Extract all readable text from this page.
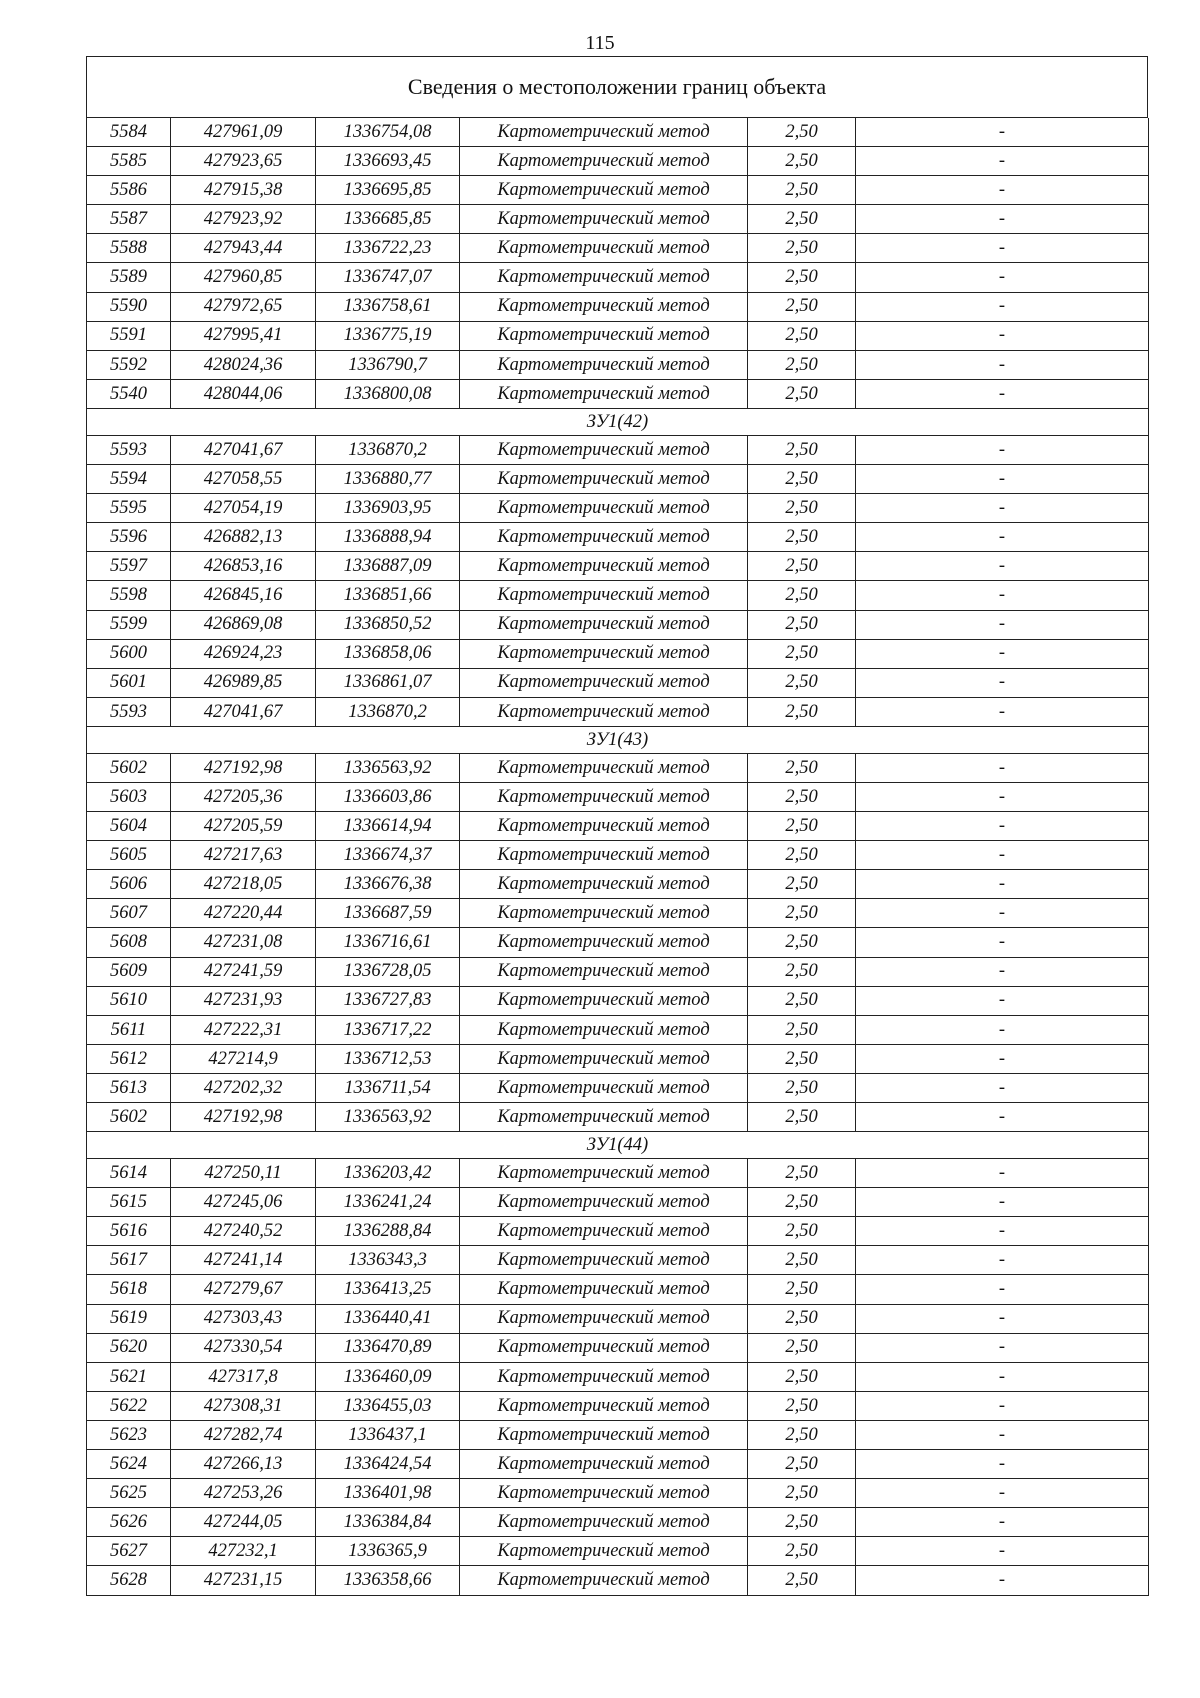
115
Сведения о местоположении границ объекта
5584	427961,09	1336754,08	Картометрический метод	2,50	-
5585	427923,65	1336693,45	Картометрический метод	2,50	-
5586	427915,38	1336695,85	Картометрический метод	2,50	-
5587	427923,92	1336685,85	Картометрический метод	2,50	-
5588	427943,44	1336722,23	Картометрический метод	2,50	-
5589	427960,85	1336747,07	Картометрический метод	2,50	-
5590	427972,65	1336758,61	Картометрический метод	2,50	-
5591	427995,41	1336775,19	Картометрический метод	2,50	-
5592	428024,36	1336790,7	Картометрический метод	2,50	-
5540	428044,06	1336800,08	Картометрический метод	2,50	-
ЗУ1(42)					
5593	427041,67	1336870,2	Картометрический метод	2,50	-
5594	427058,55	1336880,77	Картометрический метод	2,50	-
5595	427054,19	1336903,95	Картометрический метод	2,50	-
5596	426882,13	1336888,94	Картометрический метод	2,50	-
5597	426853,16	1336887,09	Картометрический метод	2,50	-
5598	426845,16	1336851,66	Картометрический метод	2,50	-
5599	426869,08	1336850,52	Картометрический метод	2,50	-
5600	426924,23	1336858,06	Картометрический метод	2,50	-
5601	426989,85	1336861,07	Картометрический метод	2,50	-
5593	427041,67	1336870,2	Картометрический метод	2,50	-
ЗУ1(43)					
5602	427192,98	1336563,92	Картометрический метод	2,50	-
5603	427205,36	1336603,86	Картометрический метод	2,50	-
5604	427205,59	1336614,94	Картометрический метод	2,50	-
5605	427217,63	1336674,37	Картометрический метод	2,50	-
5606	427218,05	1336676,38	Картометрический метод	2,50	-
5607	427220,44	1336687,59	Картометрический метод	2,50	-
5608	427231,08	1336716,61	Картометрический метод	2,50	-
5609	427241,59	1336728,05	Картометрический метод	2,50	-
5610	427231,93	1336727,83	Картометрический метод	2,50	-
5611	427222,31	1336717,22	Картометрический метод	2,50	-
5612	427214,9	1336712,53	Картометрический метод	2,50	-
5613	427202,32	1336711,54	Картометрический метод	2,50	-
5602	427192,98	1336563,92	Картометрический метод	2,50	-
ЗУ1(44)					
5614	427250,11	1336203,42	Картометрический метод	2,50	-
5615	427245,06	1336241,24	Картометрический метод	2,50	-
5616	427240,52	1336288,84	Картометрический метод	2,50	-
5617	427241,14	1336343,3	Картометрический метод	2,50	-
5618	427279,67	1336413,25	Картометрический метод	2,50	-
5619	427303,43	1336440,41	Картометрический метод	2,50	-
5620	427330,54	1336470,89	Картометрический метод	2,50	-
5621	427317,8	1336460,09	Картометрический метод	2,50	-
5622	427308,31	1336455,03	Картометрический метод	2,50	-
5623	427282,74	1336437,1	Картометрический метод	2,50	-
5624	427266,13	1336424,54	Картометрический метод	2,50	-
5625	427253,26	1336401,98	Картометрический метод	2,50	-
5626	427244,05	1336384,84	Картометрический метод	2,50	-
5627	427232,1	1336365,9	Картометрический метод	2,50	-
5628	427231,15	1336358,66	Картометрический метод	2,50	-
